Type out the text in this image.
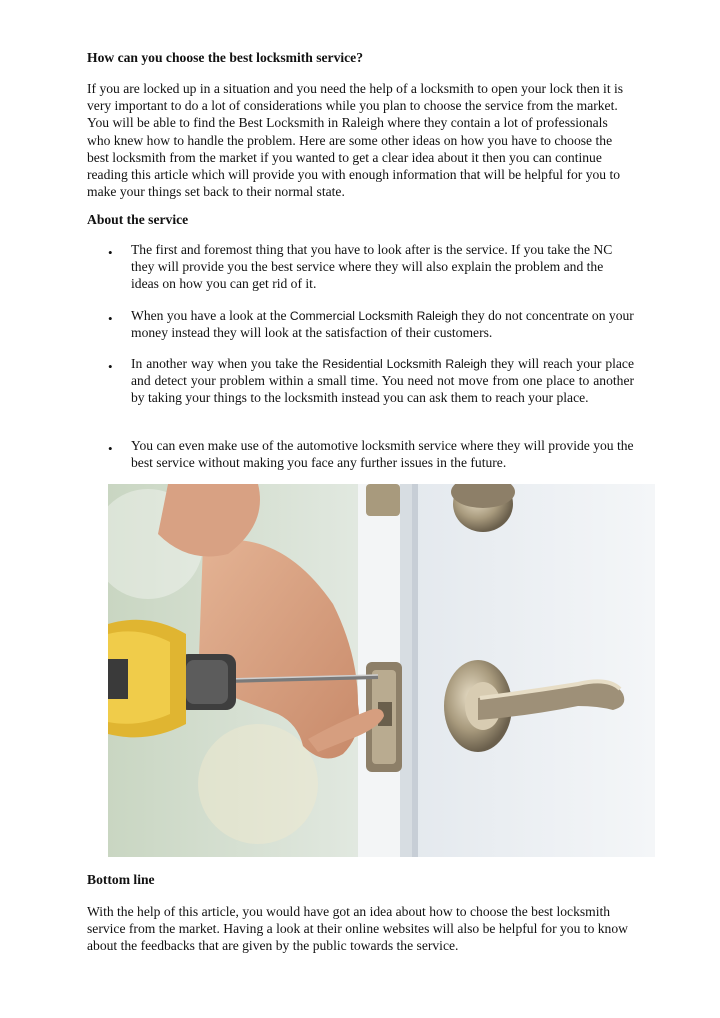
How can you choose the best locksmith service?

If you are locked up in a situation and you need the help of a locksmith to open your lock then it is very important to do a lot of considerations while you plan to choose the service from the market. You will be able to find the Best Locksmith in Raleigh where they contain a lot of professionals who knew how to handle the problem. Here are some other ideas on how you have to choose the best locksmith from the market if you wanted to get a clear idea about it then you can continue reading this article which will provide you with enough information that will be helpful for you to make your things set back to their normal state.

About the service

• The first and foremost thing that you have to look after is the service. If you take the NC they will provide you the best service where they will also explain the problem and the ideas on how you can get rid of it.

• When you have a look at the Commercial Locksmith Raleigh they do not concentrate on your money instead they will look at the satisfaction of their customers.

• In another way when you take the Residential Locksmith Raleigh they will reach your place and detect your problem within a small time. You need not move from one place to another by taking your things to the locksmith instead you can ask them to reach your place.

• You can even make use of the automotive locksmith service where they will provide you the best service without making you face any further issues in the future.

Bottom line

With the help of this article, you would have got an idea about how to choose the best locksmith service from the market. Having a look at their online websites will also be helpful for you to know about the feedbacks that are given by the public towards the service.
